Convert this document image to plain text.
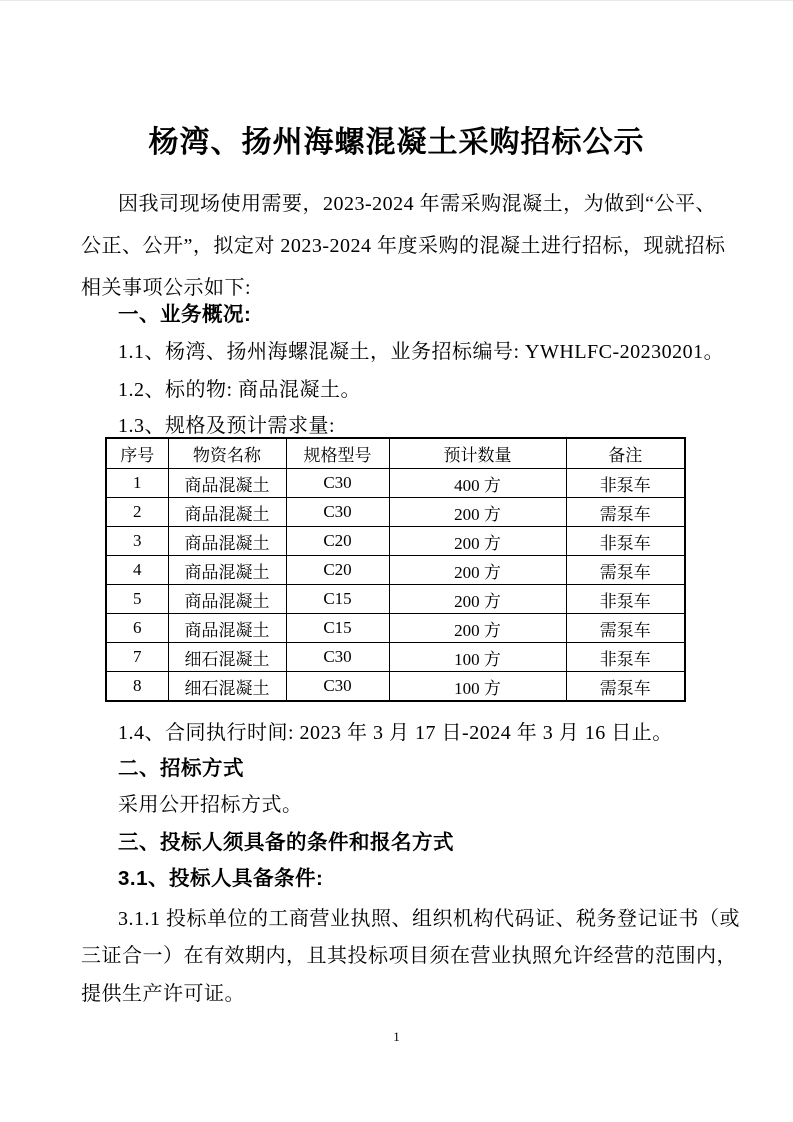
杨湾、扬州海螺混凝土采购招标公示
因我司现场使用需要，2023-2024 年需采购混凝土，为做到“公平、
公正、公开”，拟定对 2023-2024 年度采购的混凝土进行招标，现就招标
相关事项公示如下:
一、业务概况:
1.1、杨湾、扬州海螺混凝土，业务招标编号: YWHLFC-20230201。
1.2、标的物: 商品混凝土。
1.3、规格及预计需求量:
序号	物资名称	规格型号	预计数量	备注
1	商品混凝土	C30	400 方	非泵车
2	商品混凝土	C30	200 方	需泵车
3	商品混凝土	C20	200 方	非泵车
4	商品混凝土	C20	200 方	需泵车
5	商品混凝土	C15	200 方	非泵车
6	商品混凝土	C15	200 方	需泵车
7	细石混凝土	C30	100 方	非泵车
8	细石混凝土	C30	100 方	需泵车
1.4、合同执行时间: 2023 年 3 月 17 日-2024 年 3 月 16 日止。
二、招标方式
采用公开招标方式。
三、投标人须具备的条件和报名方式
3.1、投标人具备条件:
3.1.1 投标单位的工商营业执照、组织机构代码证、税务登记证书（或
三证合一）在有效期内，且其投标项目须在营业执照允许经营的范围内，
提供生产许可证。
1
